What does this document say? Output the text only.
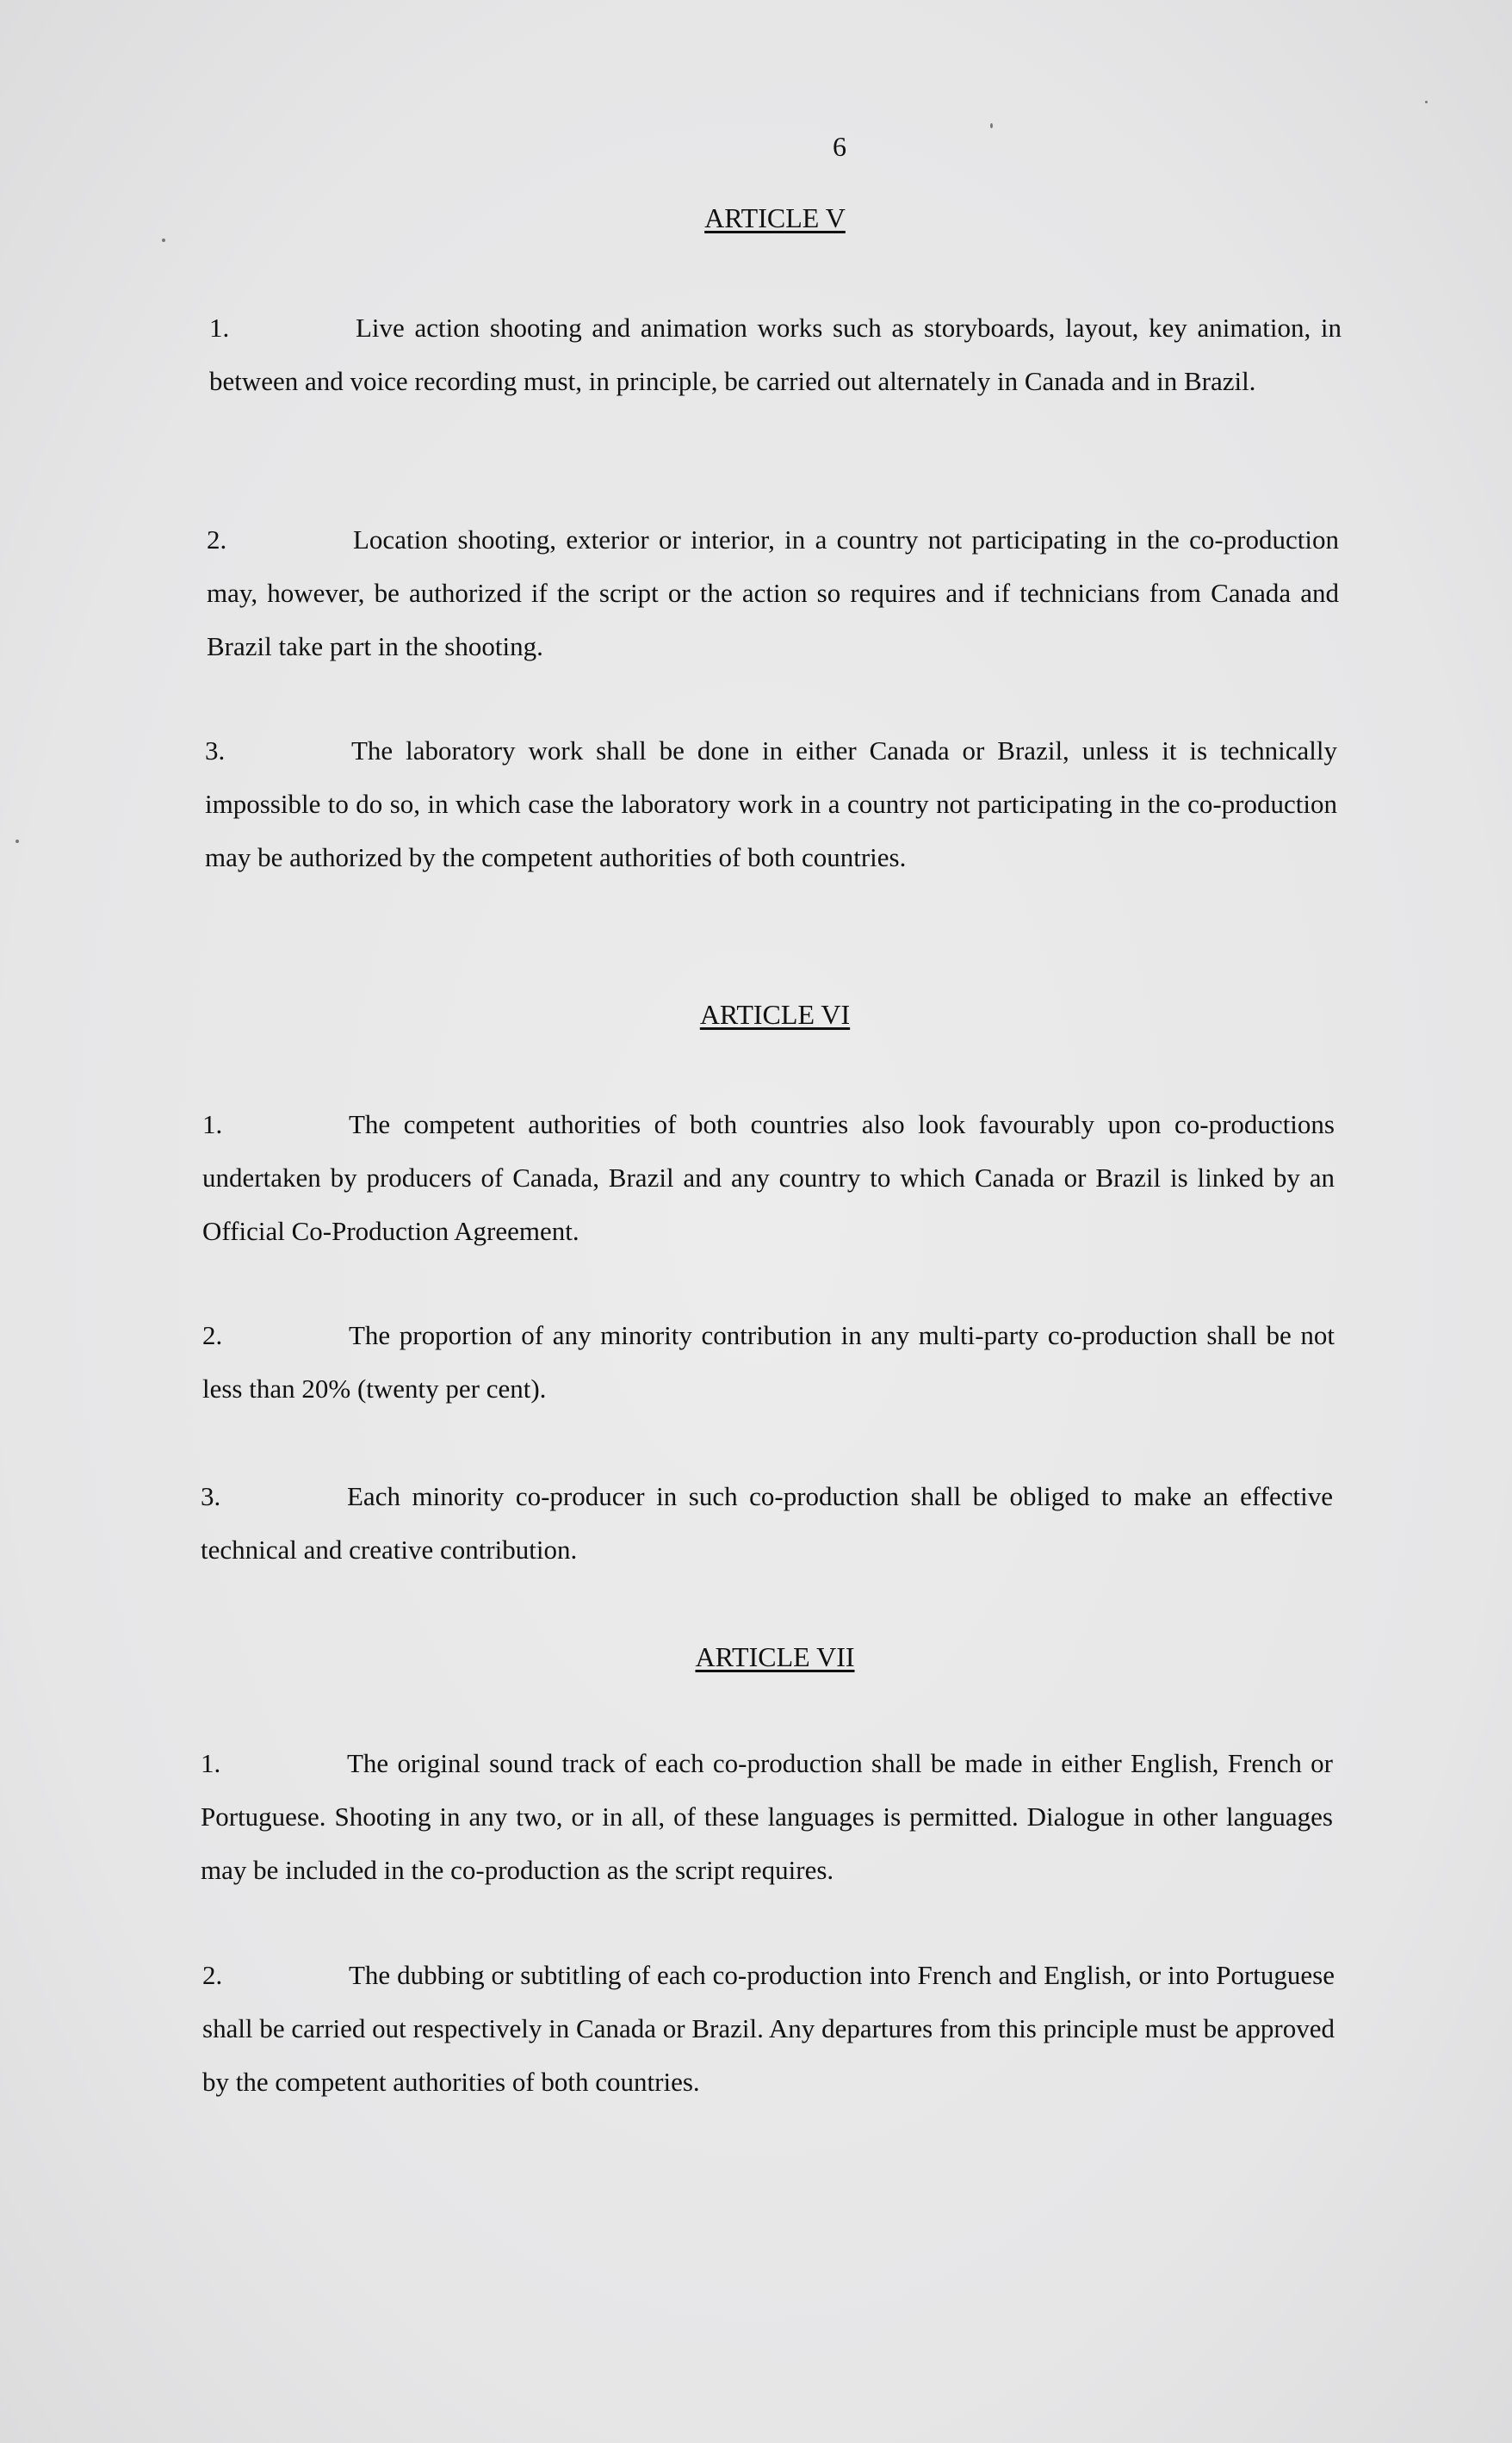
6
ARTICLE V
1.	Live action shooting and animation works such as storyboards, layout, key animation, in between and voice recording must, in principle, be carried out alternately in Canada and in Brazil.
2.	Location shooting, exterior or interior, in a country not participating in the co-production may, however, be authorized if the script or the action so requires and if technicians from Canada and Brazil take part in the shooting.
3.	The laboratory work shall be done in either Canada or Brazil, unless it is technically impossible to do so, in which case the laboratory work in a country not participating in the co-production may be authorized by the competent authorities of both countries.
ARTICLE VI
1.	The competent authorities of both countries also look favourably upon co-productions undertaken by producers of Canada, Brazil and any country to which Canada or Brazil is linked by an Official Co-Production Agreement.
2.	The proportion of any minority contribution in any multi-party co-production shall be not less than 20% (twenty per cent).
3.	Each minority co-producer in such co-production shall be obliged to make an effective technical and creative contribution.
ARTICLE VII
1.	The original sound track of each co-production shall be made in either English, French or Portuguese. Shooting in any two, or in all, of these languages is permitted. Dialogue in other languages may be included in the co-production as the script requires.
2.	The dubbing or subtitling of each co-production into French and English, or into Portuguese shall be carried out respectively in Canada or Brazil. Any departures from this principle must be approved by the competent authorities of both countries.
